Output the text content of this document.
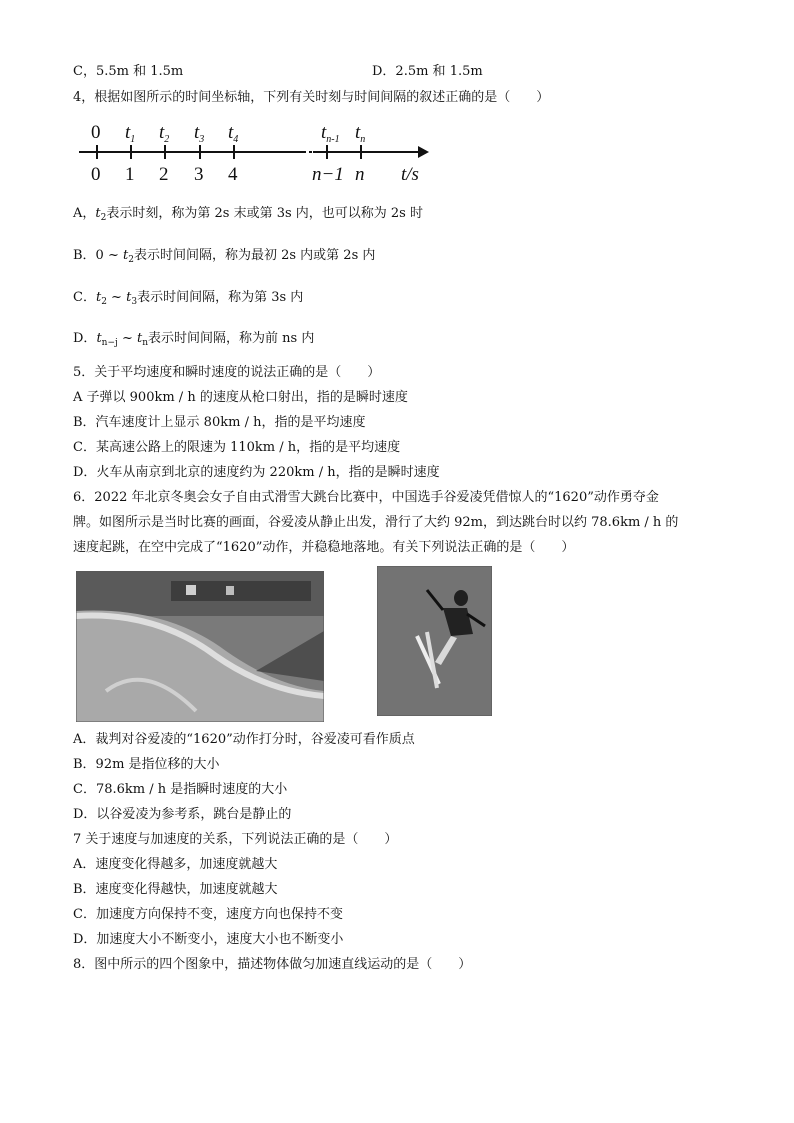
C，5.5m 和 1.5m	D．2.5m 和 1.5m
4，根据如图所示的时间坐标轴，下列有关时刻与时间间隔的叙述正确的是（　　）
0
0
$t_1$
1
$t_2$
2
$t_3$
3
$t_4$
4
$t_{n-1}$
n−1
$t_n$
n t/s
A，$t_2$表示时刻，称为第 2s 末或第 3s 内，也可以称为 2s 时
B．0 ~ $t_2$表示时间间隔，称为最初 2s 内或第 2s 内
C．$t_2$ ~ $t_3$表示时间间隔，称为第 3s 内
D．$t_{n-j}$ ~ $t_n$表示时间间隔，称为前 ns 内
5．关于平均速度和瞬时速度的说法正确的是（　　）
A 子弹以 900km / h 的速度从枪口射出，指的是瞬时速度
B．汽车速度计上显示 80km / h，指的是平均速度
C．某高速公路上的限速为 110km / h，指的是平均速度
D．火车从南京到北京的速度约为 220km / h，指的是瞬时速度
6．2022 年北京冬奥会女子自由式滑雪大跳台比赛中，中国选手谷爱凌凭借惊人的“1620”动作勇夺金
牌。如图所示是当时比赛的画面，谷爱凌从静止出发，滑行了大约 92m，到达跳台时以约 78.6km / h 的
速度起跳，在空中完成了“1620”动作，并稳稳地落地。有关下列说法正确的是（　　）
A．裁判对谷爱凌的“1620”动作打分时，谷爱凌可看作质点
B．92m 是指位移的大小
C．78.6km / h 是指瞬时速度的大小
D．以谷爱凌为参考系，跳台是静止的
7 关于速度与加速度的关系，下列说法正确的是（　　）
A．速度变化得越多，加速度就越大
B．速度变化得越快，加速度就越大
C．加速度方向保持不变，速度方向也保持不变
D．加速度大小不断变小，速度大小也不断变小
8．图中所示的四个图象中，描述物体做匀加速直线运动的是（　　）
